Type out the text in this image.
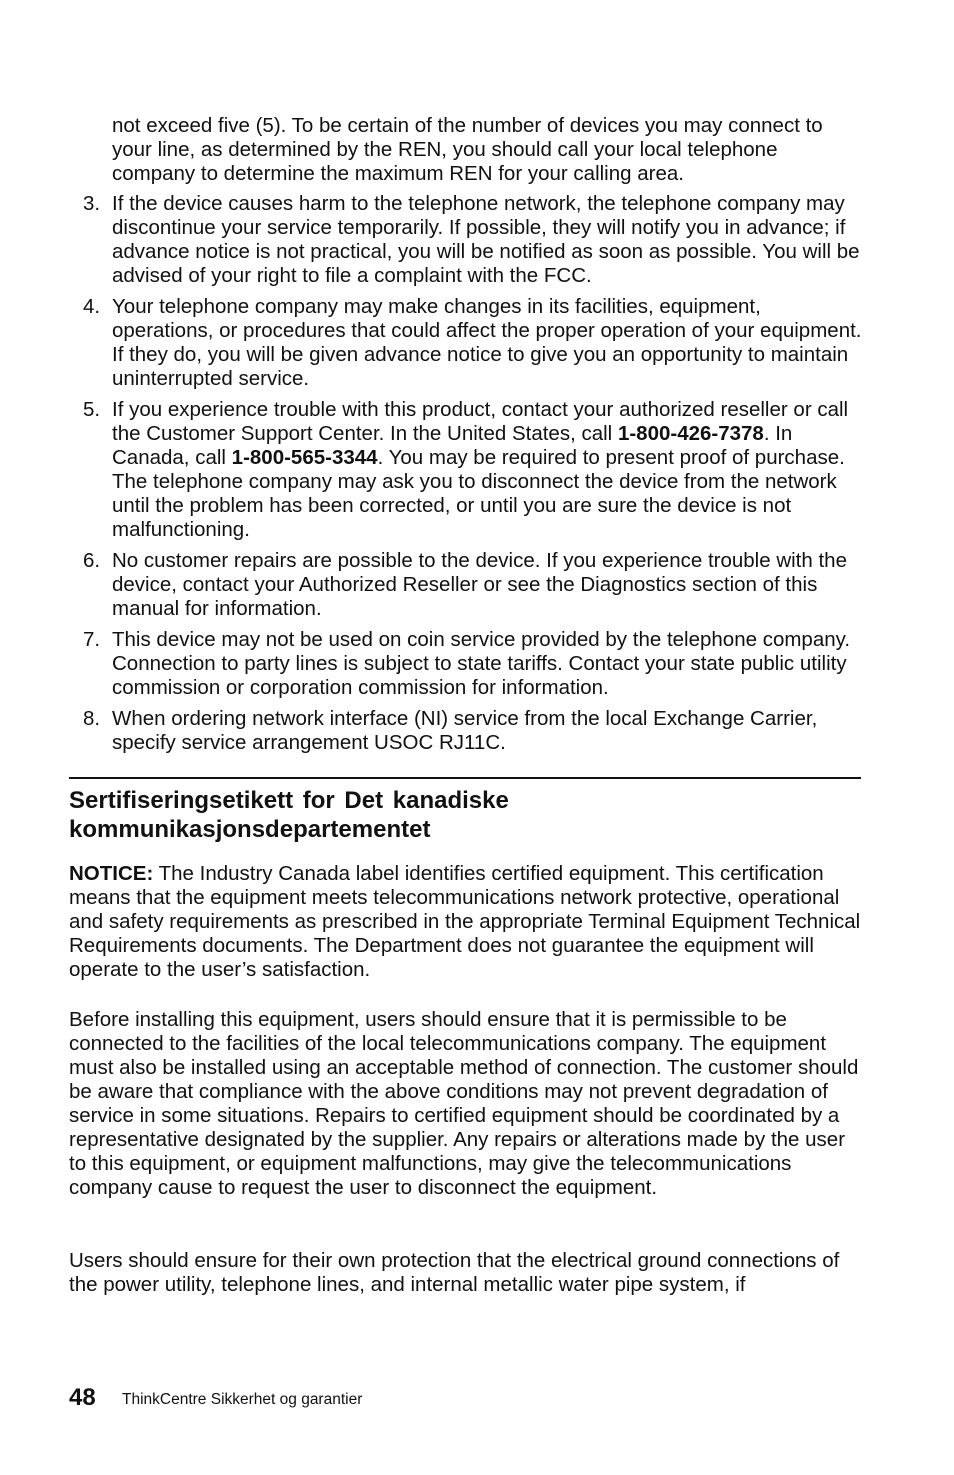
not exceed five (5). To be certain of the number of devices you may connect to your line, as determined by the REN, you should call your local telephone company to determine the maximum REN for your calling area.

3. If the device causes harm to the telephone network, the telephone company may discontinue your service temporarily. If possible, they will notify you in advance; if advance notice is not practical, you will be notified as soon as possible. You will be advised of your right to file a complaint with the FCC.
4. Your telephone company may make changes in its facilities, equipment, operations, or procedures that could affect the proper operation of your equipment. If they do, you will be given advance notice to give you an opportunity to maintain uninterrupted service.
5. If you experience trouble with this product, contact your authorized reseller or call the Customer Support Center. In the United States, call 1-800-426-7378. In Canada, call 1-800-565-3344. You may be required to present proof of purchase. The telephone company may ask you to disconnect the device from the network until the problem has been corrected, or until you are sure the device is not malfunctioning.
6. No customer repairs are possible to the device. If you experience trouble with the device, contact your Authorized Reseller or see the Diagnostics section of this manual for information.
7. This device may not be used on coin service provided by the telephone company. Connection to party lines is subject to state tariffs. Contact your state public utility commission or corporation commission for information.
8. When ordering network interface (NI) service from the local Exchange Carrier, specify service arrangement USOC RJ11C.
Sertifiseringsetikett for Det kanadiske kommunikasjonsdepartementet

NOTICE: The Industry Canada label identifies certified equipment. This certification means that the equipment meets telecommunications network protective, operational and safety requirements as prescribed in the appropriate Terminal Equipment Technical Requirements documents. The Department does not guarantee the equipment will operate to the user’s satisfaction.

Before installing this equipment, users should ensure that it is permissible to be connected to the facilities of the local telecommunications company. The equipment must also be installed using an acceptable method of connection. The customer should be aware that compliance with the above conditions may not prevent degradation of service in some situations. Repairs to certified equipment should be coordinated by a representative designated by the supplier. Any repairs or alterations made by the user to this equipment, or equipment malfunctions, may give the telecommunications company cause to request the user to disconnect the equipment.

Users should ensure for their own protection that the electrical ground connections of the power utility, telephone lines, and internal metallic water pipe system, if

48 ThinkCentre Sikkerhet og garantier
